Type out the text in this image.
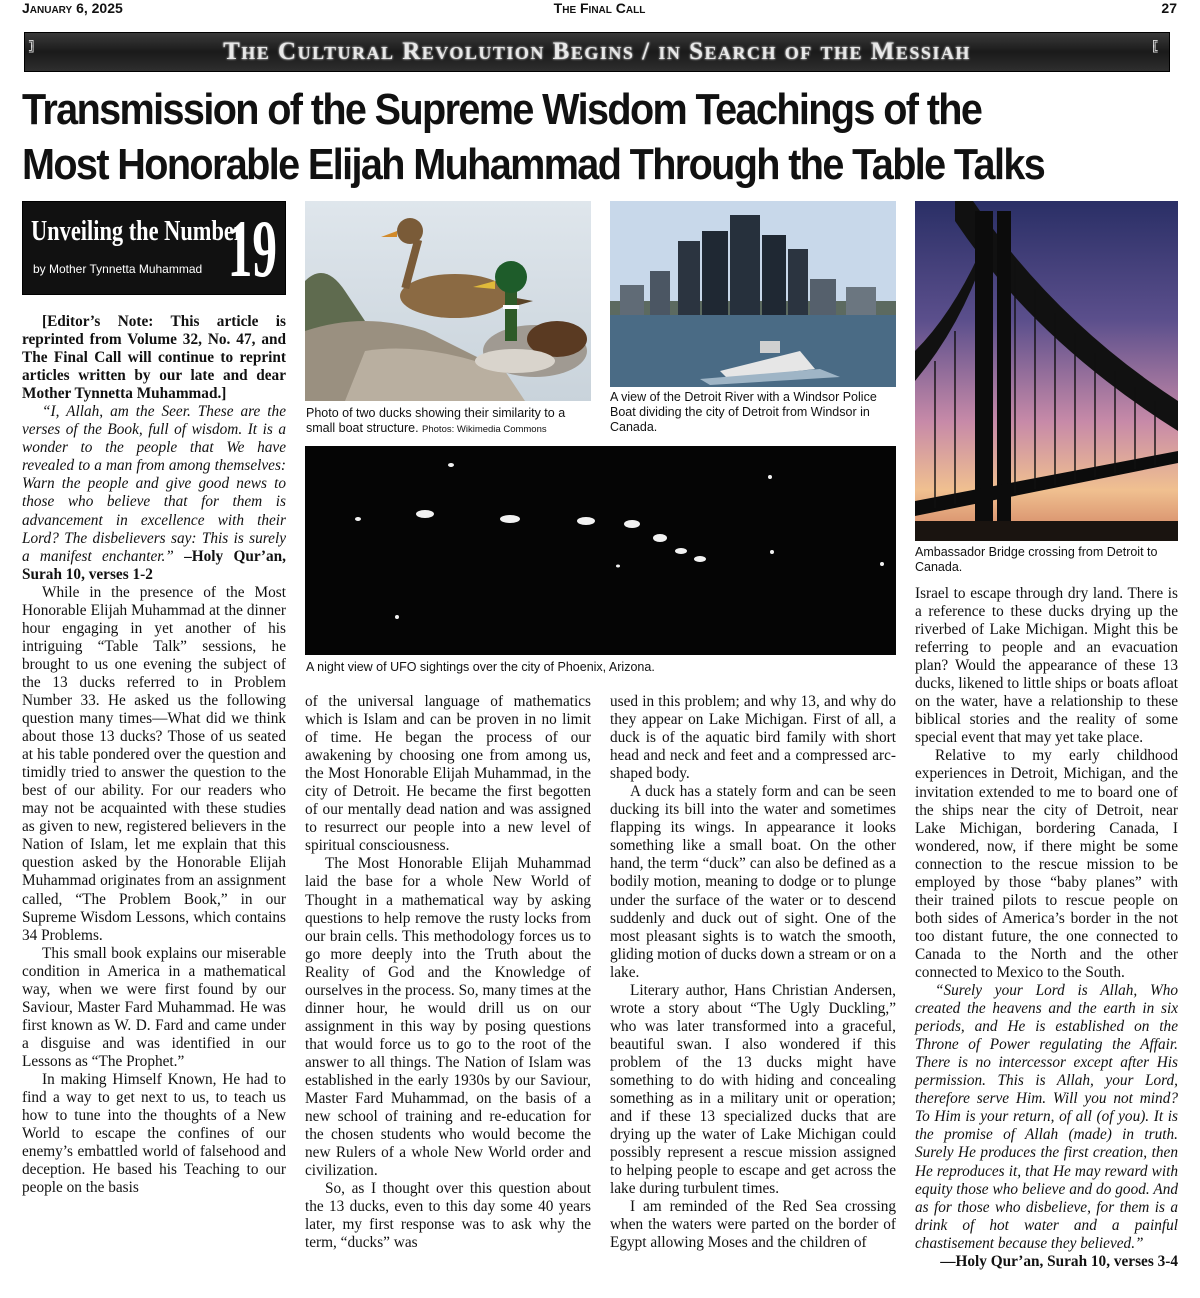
January 6, 2025	The Final Call	27
╗
╝	The Cultural Revolution Begins / in Search of the Messiah	╔
╚
Transmission of the Supreme Wisdom Teachings of the
Most Honorable Elijah Muhammad Through the Table Talks
Unveiling the Number
by Mother Tynnetta Muhammad 19

[Editor’s Note: This article is reprinted from Volume 32, No. 47, and The Final Call will continue to reprint articles written by our late and dear Mother Tynnetta Muhammad.]

“I, Allah, am the Seer. These are the verses of the Book, full of wisdom. It is a wonder to the people that We have revealed to a man from among themselves: Warn the people and give good news to those who believe that for them is advancement in excellence with their Lord? The disbelievers say: This is surely a manifest enchanter.” –Holy Qur’an, Surah 10, verses 1-2

While in the presence of the Most Honorable Elijah Muhammad at the dinner hour engaging in yet another of his intriguing “Table Talk” sessions, he brought to us one evening the subject of the 13 ducks referred to in Problem Number 33. He asked us the following question many times—What did we think about those 13 ducks? Those of us seated at his table pondered over the question and timidly tried to answer the question to the best of our ability. For our readers who may not be acquainted with these studies as given to new, registered believers in the Nation of Islam, let me explain that this question asked by the Honorable Elijah Muhammad originates from an assignment called, “The Problem Book,” in our Supreme Wisdom Lessons, which contains 34 Problems.

This small book explains our miserable condition in America in a mathematical way, when we were first found by our Saviour, Master Fard Muhammad. He was first known as W. D. Fard and came under a disguise and was identified in our Lessons as “The Prophet.”

In making Himself Known, He had to find a way to get next to us, to teach us how to tune into the thoughts of a New World to escape the confines of our enemy’s embattled world of falsehood and deception. He based his Teaching to our people on the basis

Photo of two ducks showing their similarity to a small boat structure. Photos: Wikimedia Commons
A view of the Detroit River with a Windsor Police Boat dividing the city of Detroit from Windsor in Canada.
A night view of UFO sightings over the city of Phoenix, Arizona.
Ambassador Bridge crossing from Detroit to Canada.

of the universal language of mathematics which is Islam and can be proven in no limit of time. He began the process of our awakening by choosing one from among us, the Most Honorable Elijah Muhammad, in the city of Detroit. He became the first begotten of our mentally dead nation and was assigned to resurrect our people into a new level of spiritual consciousness.

The Most Honorable Elijah Muhammad laid the base for a whole New World of Thought in a mathematical way by asking questions to help remove the rusty locks from our brain cells. This methodology forces us to go more deeply into the Truth about the Reality of God and the Knowledge of ourselves in the process. So, many times at the dinner hour, he would drill us on our assignment in this way by posing questions that would force us to go to the root of the answer to all things. The Nation of Islam was established in the early 1930s by our Saviour, Master Fard Muhammad, on the basis of a new school of training and re-education for the chosen students who would become the new Rulers of a whole New World order and civilization.

So, as I thought over this question about the 13 ducks, even to this day some 40 years later, my first response was to ask why the term, “ducks” was

used in this problem; and why 13, and why do they appear on Lake Michigan. First of all, a duck is of the aquatic bird family with short head and neck and feet and a compressed arc-shaped body.

A duck has a stately form and can be seen ducking its bill into the water and sometimes flapping its wings. In appearance it looks something like a small boat. On the other hand, the term “duck” can also be defined as a bodily motion, meaning to dodge or to plunge under the surface of the water or to descend suddenly and duck out of sight. One of the most pleasant sights is to watch the smooth, gliding motion of ducks down a stream or on a lake.

Literary author, Hans Christian Andersen, wrote a story about “The Ugly Duckling,” who was later transformed into a graceful, beautiful swan. I also wondered if this problem of the 13 ducks might have something to do with hiding and concealing something as in a military unit or operation; and if these 13 specialized ducks that are drying up the water of Lake Michigan could possibly represent a rescue mission assigned to helping people to escape and get across the lake during turbulent times.

I am reminded of the Red Sea crossing when the waters were parted on the border of Egypt allowing Moses and the children of

Israel to escape through dry land. There is a reference to these ducks drying up the riverbed of Lake Michigan. Might this be referring to people and an evacuation plan? Would the appearance of these 13 ducks, likened to little ships or boats afloat on the water, have a relationship to these biblical stories and the reality of some special event that may yet take place.

Relative to my early childhood experiences in Detroit, Michigan, and the invitation extended to me to board one of the ships near the city of Detroit, near Lake Michigan, bordering Canada, I wondered, now, if there might be some connection to the rescue mission to be employed by those “baby planes” with their trained pilots to rescue people on both sides of America’s border in the not too distant future, the one connected to Canada to the North and the other connected to Mexico to the South.

“Surely your Lord is Allah, Who created the heavens and the earth in six periods, and He is established on the Throne of Power regulating the Affair. There is no intercessor except after His permission. This is Allah, your Lord, therefore serve Him. Will you not mind? To Him is your return, of all (of you). It is the promise of Allah (made) in truth. Surely He produces the first creation, then He reproduces it, that He may reward with equity those who believe and do good. And as for those who disbelieve, for them is a drink of hot water and a painful chastisement because they believed.”

—Holy Qur’an, Surah 10, verses 3-4
